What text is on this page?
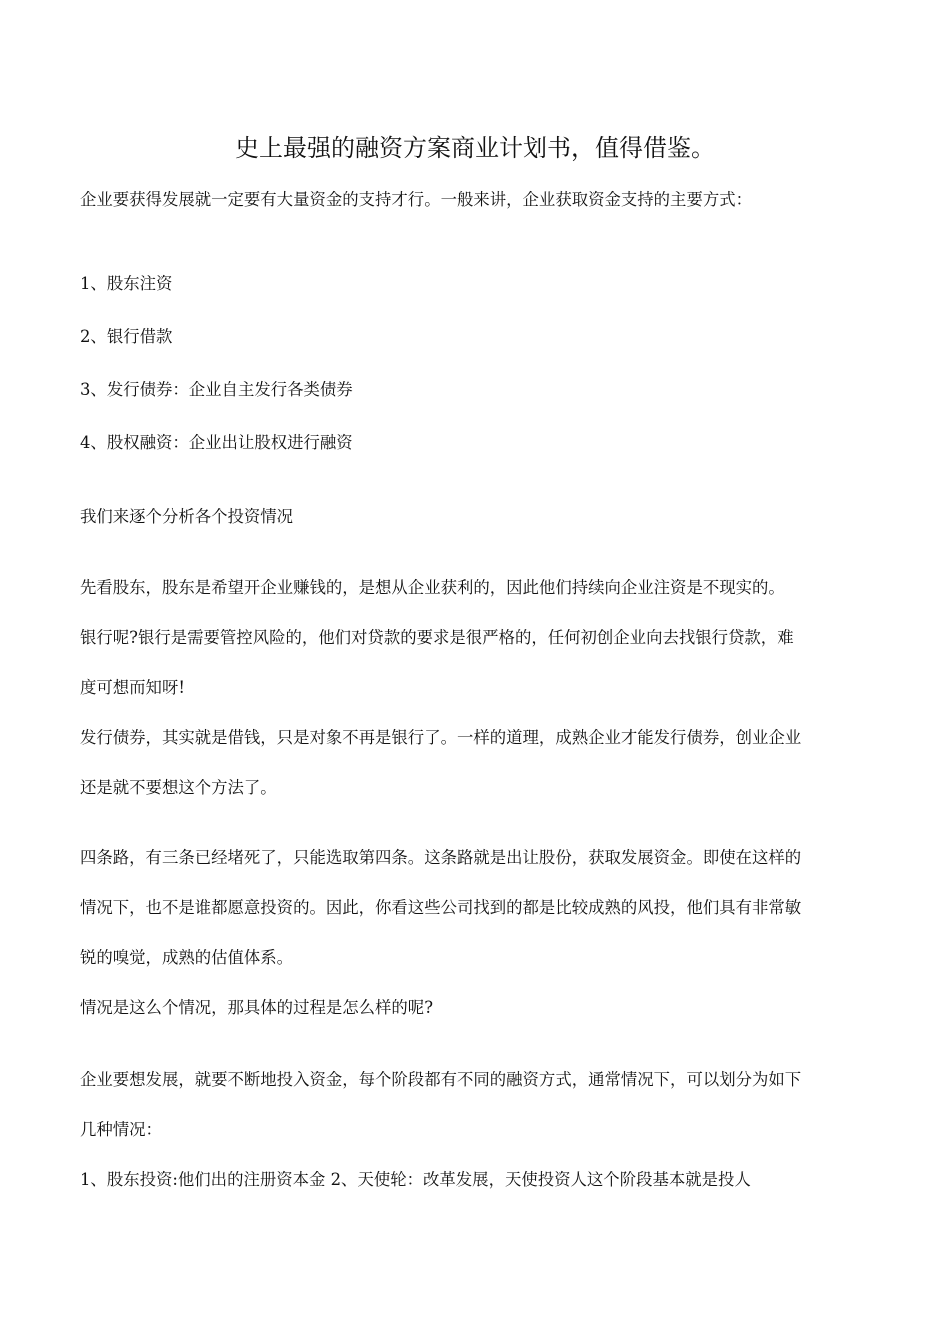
史上最强的融资方案商业计划书，值得借鉴。
企业要获得发展就一定要有大量资金的支持才行。一般来讲，企业获取资金支持的主要方式：
1、股东注资
2、银行借款
3、发行债券：企业自主发行各类债券
4、股权融资：企业出让股权进行融资
我们来逐个分析各个投资情况
先看股东，股东是希望开企业赚钱的，是想从企业获利的，因此他们持续向企业注资是不现实的。
银行呢?银行是需要管控风险的，他们对贷款的要求是很严格的，任何初创企业向去找银行贷款，难
度可想而知呀!
发行债券，其实就是借钱，只是对象不再是银行了。一样的道理，成熟企业才能发行债券，创业企业
还是就不要想这个方法了。
四条路，有三条已经堵死了，只能选取第四条。这条路就是出让股份，获取发展资金。即使在这样的
情况下，也不是谁都愿意投资的。因此，你看这些公司找到的都是比较成熟的风投，他们具有非常敏
锐的嗅觉，成熟的估值体系。
情况是这么个情况，那具体的过程是怎么样的呢?
企业要想发展，就要不断地投入资金，每个阶段都有不同的融资方式，通常情况下，可以划分为如下
几种情况：
1、股东投资:他们出的注册资本金 2、天使轮：改革发展，天使投资人这个阶段基本就是投人
